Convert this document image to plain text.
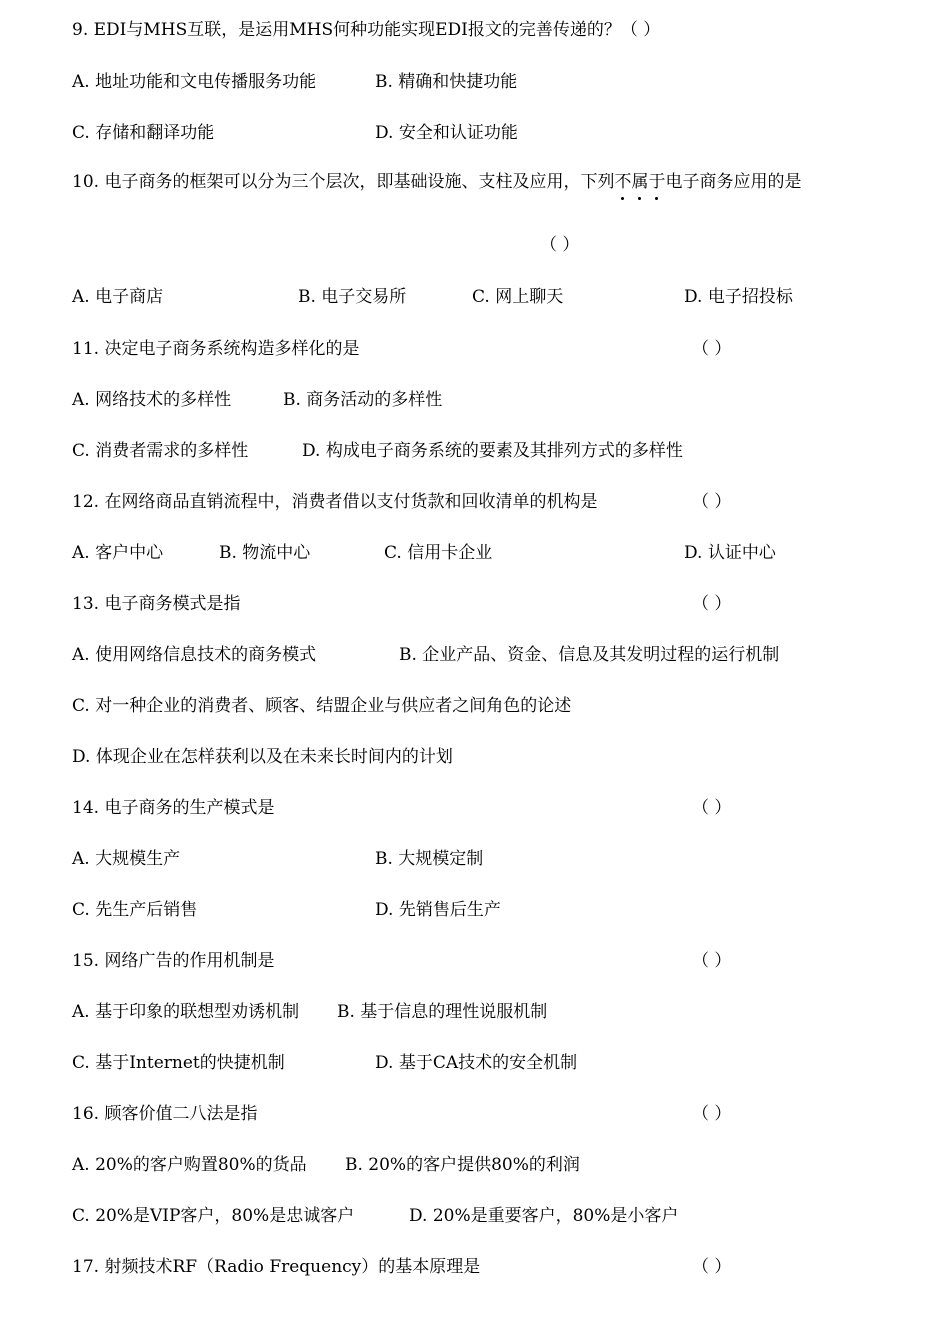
9. EDI与MHS互联，是运用MHS何种功能实现EDI报文的完善传递的？（ ）
A. 地址功能和文电传播服务功能	B. 精确和快捷功能
C. 存储和翻译功能	D. 安全和认证功能
10. 电子商务的框架可以分为三个层次，即基础设施、支柱及应用，下列不属于电子商务应用的是
（ ）
A. 电子商店	B. 电子交易所	C. 网上聊天	D. 电子招投标
11. 决定电子商务系统构造多样化的是	（ ）
A. 网络技术的多样性	B. 商务活动的多样性
C. 消费者需求的多样性	D. 构成电子商务系统的要素及其排列方式的多样性
12. 在网络商品直销流程中，消费者借以支付货款和回收清单的机构是	（ ）
A. 客户中心	B. 物流中心	C. 信用卡企业	D. 认证中心
13. 电子商务模式是指	（ ）
A. 使用网络信息技术的商务模式	B. 企业产品、资金、信息及其发明过程的运行机制
C. 对一种企业的消费者、顾客、结盟企业与供应者之间角色的论述
D. 体现企业在怎样获利以及在未来长时间内的计划
14. 电子商务的生产模式是	（ ）
A. 大规模生产	B. 大规模定制
C. 先生产后销售	D. 先销售后生产
15. 网络广告的作用机制是	（ ）
A. 基于印象的联想型劝诱机制 B. 基于信息的理性说服机制
C. 基于Internet的快捷机制	D. 基于CA技术的安全机制
16. 顾客价值二八法是指	（ ）
A. 20%的客户购置80%的货品 B. 20%的客户提供80%的利润
C. 20%是VIP客户，80%是忠诚客户	D. 20%是重要客户，80%是小客户
17. 射频技术RF（Radio Frequency）的基本原理是	（ ）
